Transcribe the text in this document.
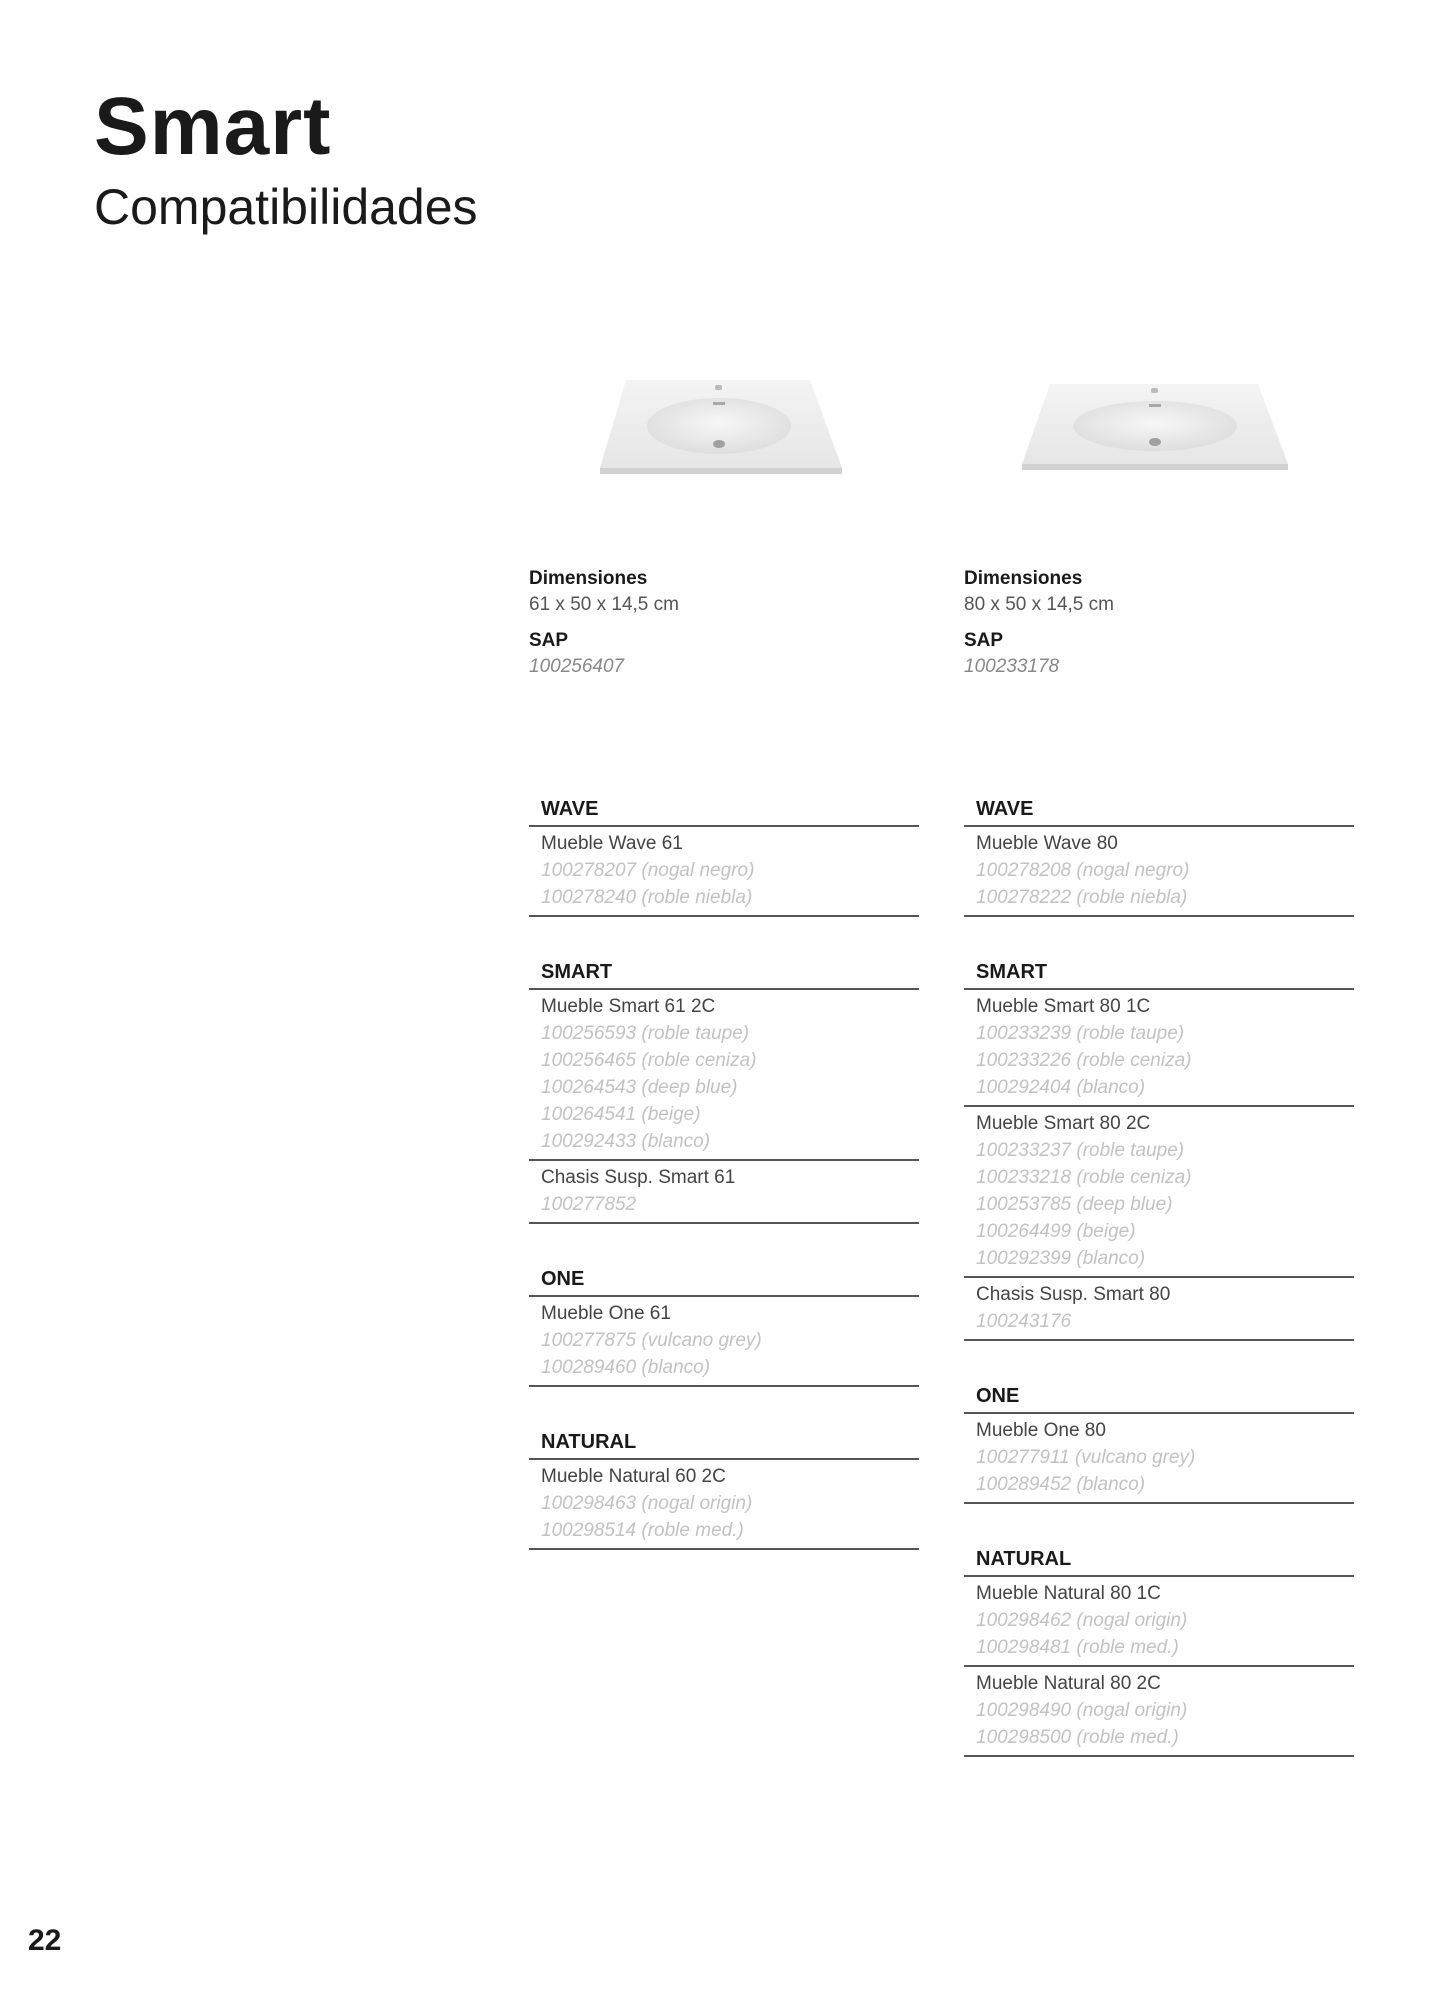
Smart
Compatibilidades
Dimensiones
61 x 50 x 14,5 cm
SAP
100256407
Dimensiones
80 x 50 x 14,5 cm
SAP
100233178
WAVE
Mueble Wave 61
100278207 (nogal negro)
100278240 (roble niebla)
SMART
Mueble Smart 61 2C
100256593 (roble taupe)
100256465 (roble ceniza)
100264543 (deep blue)
100264541 (beige)
100292433 (blanco)
Chasis Susp. Smart 61
100277852
ONE
Mueble One 61
100277875 (vulcano grey)
100289460 (blanco)
NATURAL
Mueble Natural 60 2C
100298463 (nogal origin)
100298514 (roble med.)
WAVE
Mueble Wave 80
100278208 (nogal negro)
100278222 (roble niebla)
SMART
Mueble Smart 80 1C
100233239 (roble taupe)
100233226 (roble ceniza)
100292404 (blanco)
Mueble Smart 80 2C
100233237 (roble taupe)
100233218 (roble ceniza)
100253785 (deep blue)
100264499 (beige)
100292399 (blanco)
Chasis Susp. Smart 80
100243176
ONE
Mueble One 80
100277911 (vulcano grey)
100289452 (blanco)
NATURAL
Mueble Natural 80 1C
100298462 (nogal origin)
100298481 (roble med.)
Mueble Natural 80 2C
100298490 (nogal origin)
100298500 (roble med.)
22
